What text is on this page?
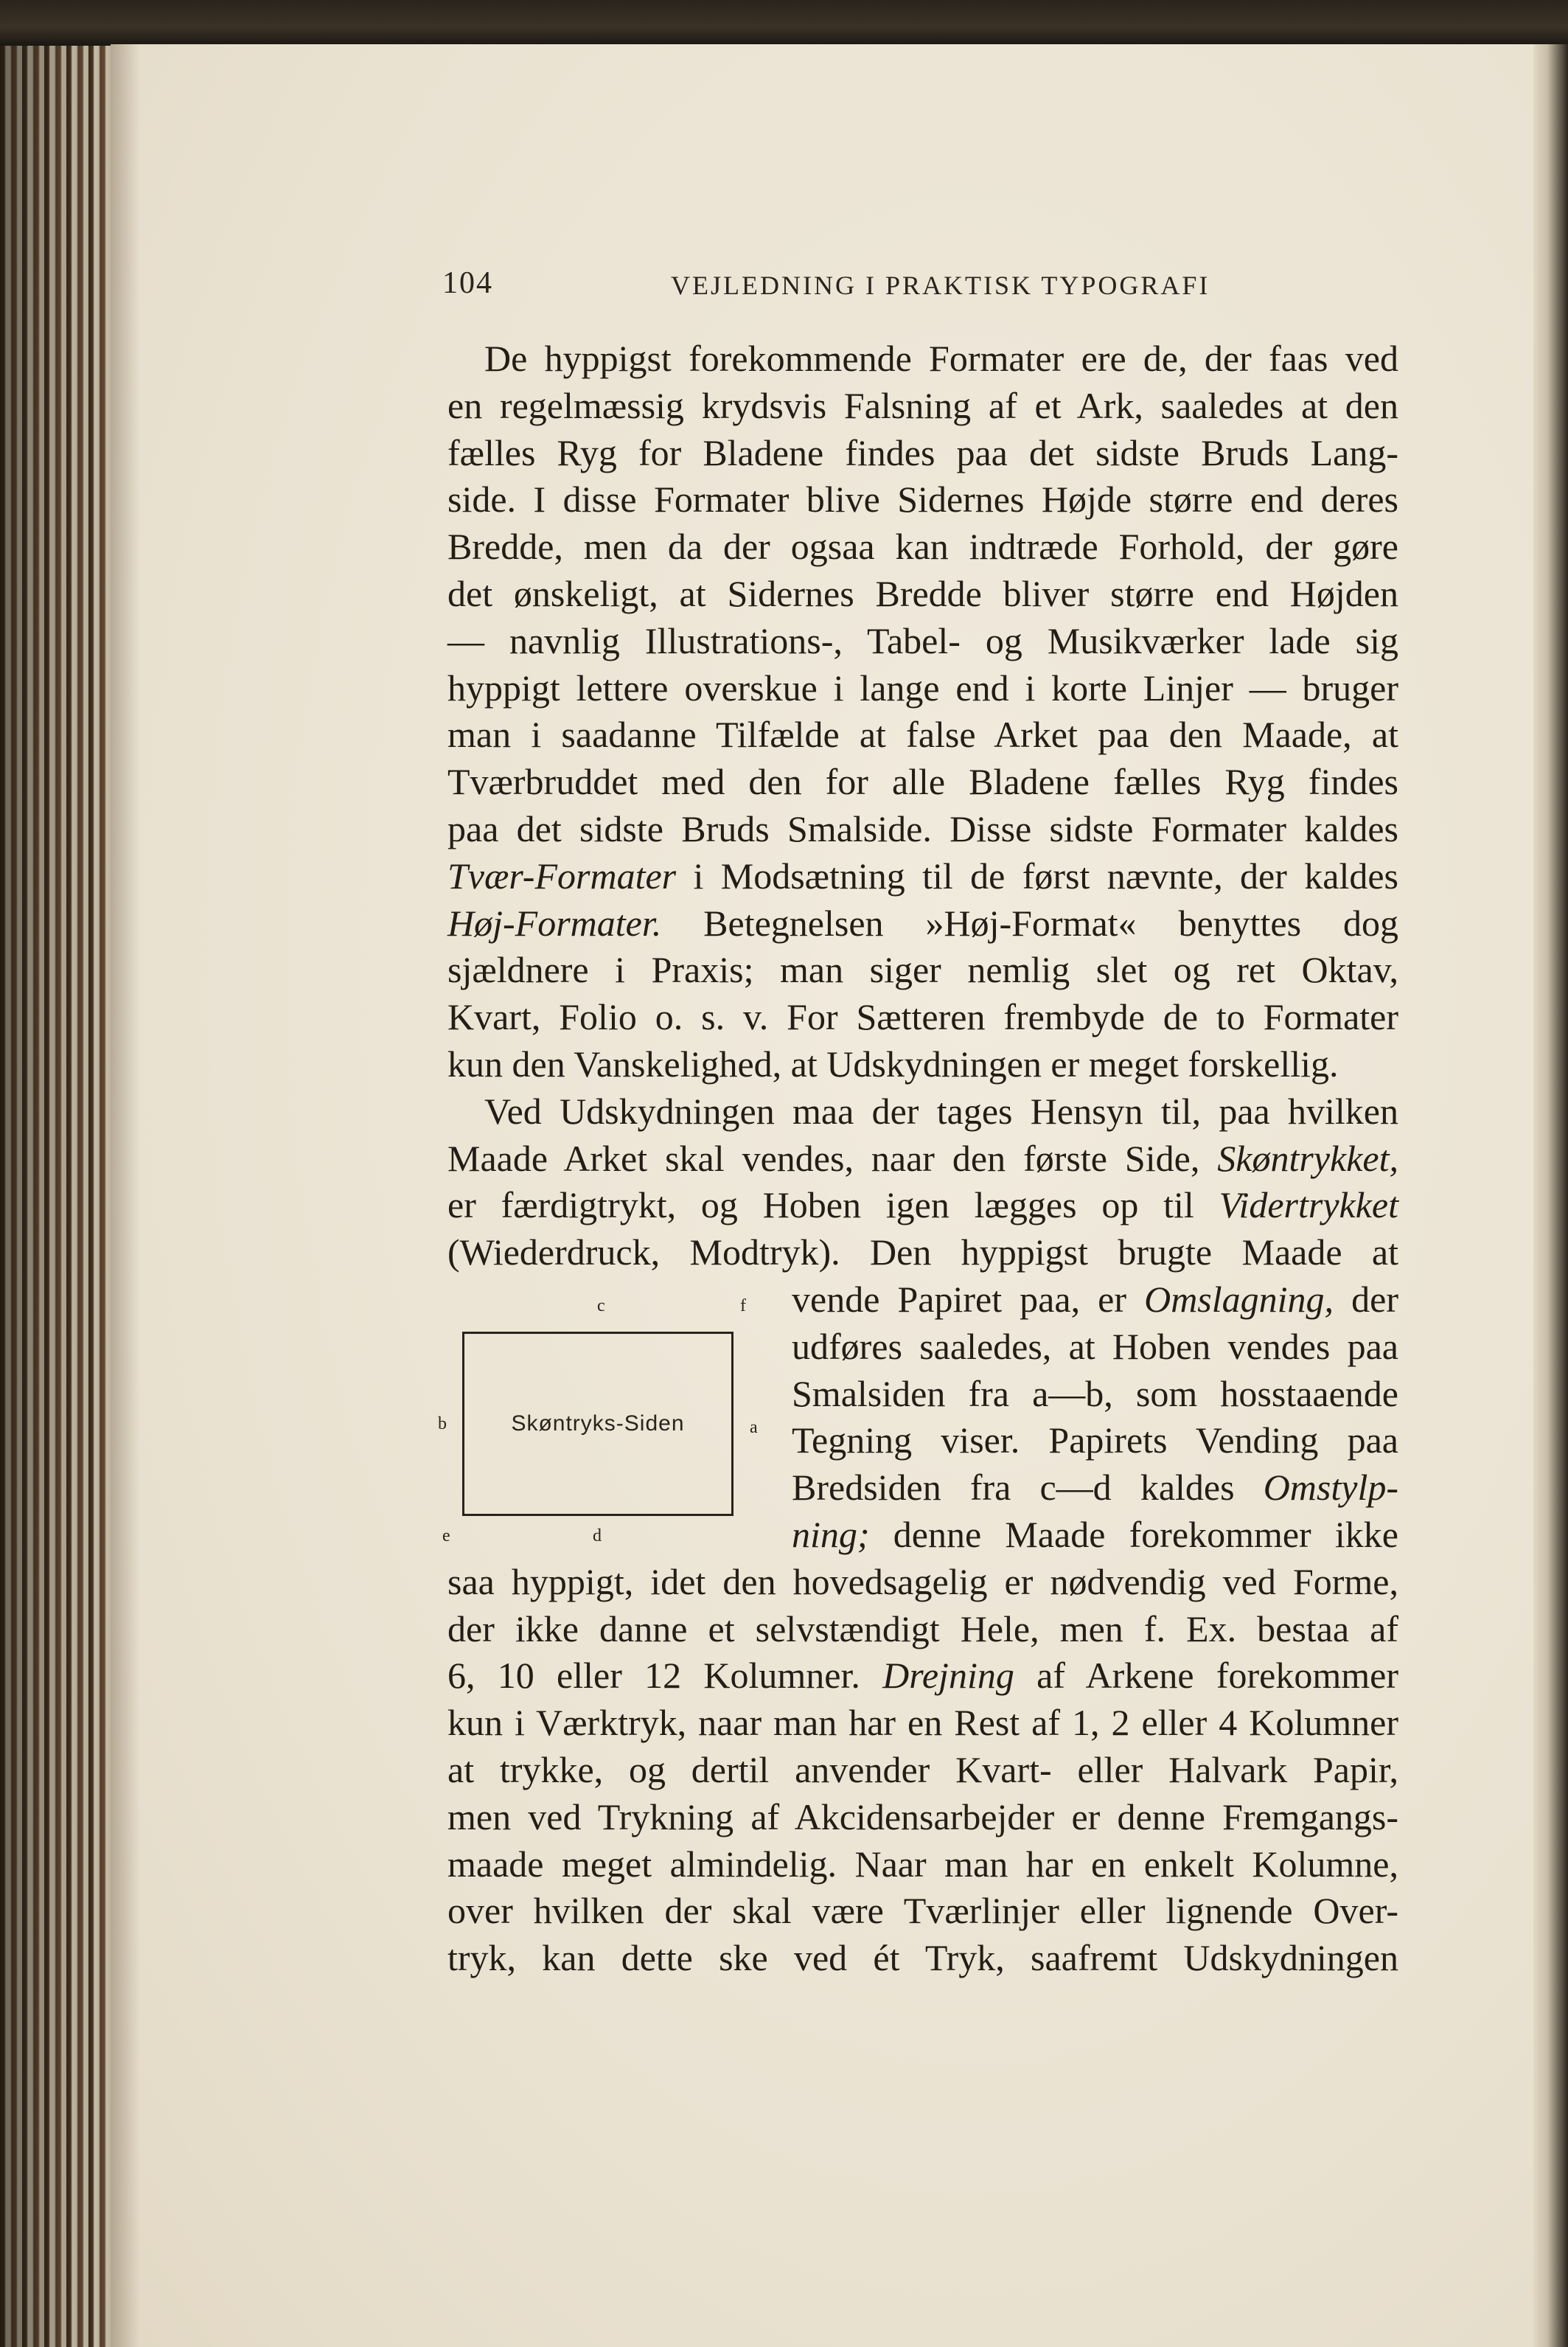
104	VEJLEDNING I PRAKTISK TYPOGRAFI
De hyppigst forekommende Formater ere de, der faas ved
en regelmæssig krydsvis Falsning af et Ark, saaledes at den
fælles Ryg for Bladene findes paa det sidste Bruds Lang-
side. I disse Formater blive Sidernes Højde større end deres
Bredde, men da der ogsaa kan indtræde Forhold, der gøre
det ønskeligt, at Sidernes Bredde bliver større end Højden
— navnlig Illustrations-, Tabel- og Musikværker lade sig
hyppigt lettere overskue i lange end i korte Linjer — bruger
man i saadanne Tilfælde at false Arket paa den Maade, at
Tværbruddet med den for alle Bladene fælles Ryg findes
paa det sidste Bruds Smalside. Disse sidste Formater kaldes
Tvær-Formater i Modsætning til de først nævnte, der kaldes
Høj-Formater. Betegnelsen »Høj-Format« benyttes dog
sjældnere i Praxis; man siger nemlig slet og ret Oktav,
Kvart, Folio o. s. v. For Sætteren frembyde de to Formater
kun den Vanskelighed, at Udskydningen er meget forskellig.
Ved Udskydningen maa der tages Hensyn til, paa hvilken
Maade Arket skal vendes, naar den første Side, Skøntrykket,
er færdigtrykt, og Hoben igen lægges op til Vidertrykket
(Wiederdruck, Modtryk). Den hyppigst brugte Maade at
vende Papiret paa, er Omslagning, der
udføres saaledes, at Hoben vendes paa
Smalsiden fra a—b, som hosstaaende
Tegning viser. Papirets Vending paa
Bredsiden fra c—d kaldes Omstylp-
ning; denne Maade forekommer ikke
saa hyppigt, idet den hovedsagelig er nødvendig ved Forme,
der ikke danne et selvstændigt Hele, men f. Ex. bestaa af
6, 10 eller 12 Kolumner. Drejning af Arkene forekommer
kun i Værktryk, naar man har en Rest af 1, 2 eller 4 Kolumner
at trykke, og dertil anvender Kvart- eller Halvark Papir,
men ved Trykning af Akcidensarbejder er denne Fremgangs-
maade meget almindelig. Naar man har en enkelt Kolumne,
over hvilken der skal være Tværlinjer eller lignende Over-
tryk, kan dette ske ved ét Tryk, saafremt Udskydningen
c	f
b	a
e	d
Skøntryks-Siden
